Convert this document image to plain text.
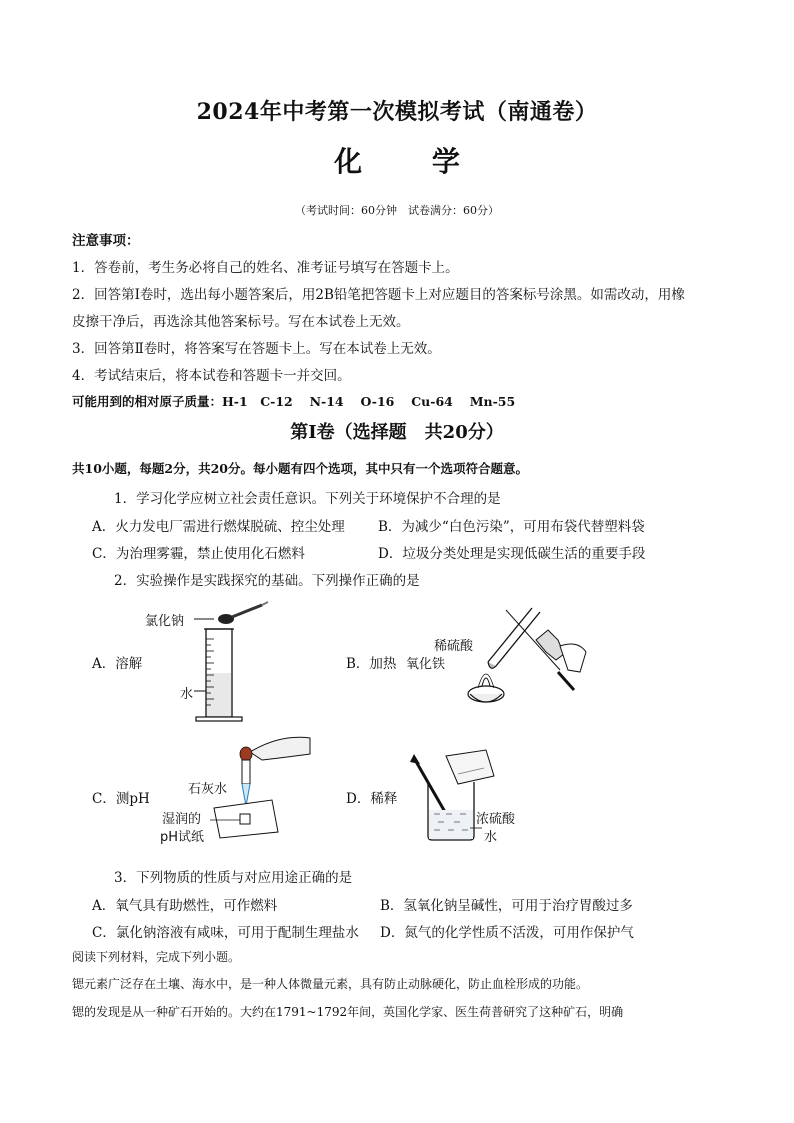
2024年中考第一次模拟考试（南通卷）
化 学
（考试时间：60分钟　试卷满分：60分）
注意事项：
1．答卷前，考生务必将自己的姓名、准考证号填写在答题卡上。
2．回答第Ⅰ卷时，选出每小题答案后，用2B铅笔把答题卡上对应题目的答案标号涂黑。如需改动，用橡
皮擦干净后，再选涂其他答案标号。写在本试卷上无效。
3．回答第Ⅱ卷时，将答案写在答题卡上。写在本试卷上无效。
4．考试结束后，将本试卷和答题卡一并交回。
可能用到的相对原子质量：H-1　C-12　 N-14　 O-16　 Cu-64　 Mn-55
第Ⅰ卷（选择题　共20分）
共10小题，每题2分，共20分。每小题有四个选项，其中只有一个选项符合题意。
1．学习化学应树立社会责任意识。下列关于环境保护不合理的是
A．火力发电厂需进行燃煤脱硫、控尘处理 B．为减少“白色污染”，可用布袋代替塑料袋
C．为治理雾霾，禁止使用化石燃料	D．垃圾分类处理是实现低碳生活的重要手段
2．实验操作是实践探究的基础。下列操作正确的是
A．溶解
氯化钠
水
B．加热
稀硫酸
氧化铁
C．测pH
石灰水
湿润的
pH试纸
D．稀释
浓硫酸
水
3．下列物质的性质与对应用途正确的是
A．氧气具有助燃性，可作燃料	B．氢氧化钠呈碱性，可用于治疗胃酸过多
C．氯化钠溶液有咸味，可用于配制生理盐水 D．氮气的化学性质不活泼，可用作保护气
阅读下列材料，完成下列小题。
锶元素广泛存在土壤、海水中，是一种人体微量元素，具有防止动脉硬化，防止血栓形成的功能。
锶的发现是从一种矿石开始的。大约在1791~1792年间，英国化学家、医生荷普研究了这种矿石，明确
